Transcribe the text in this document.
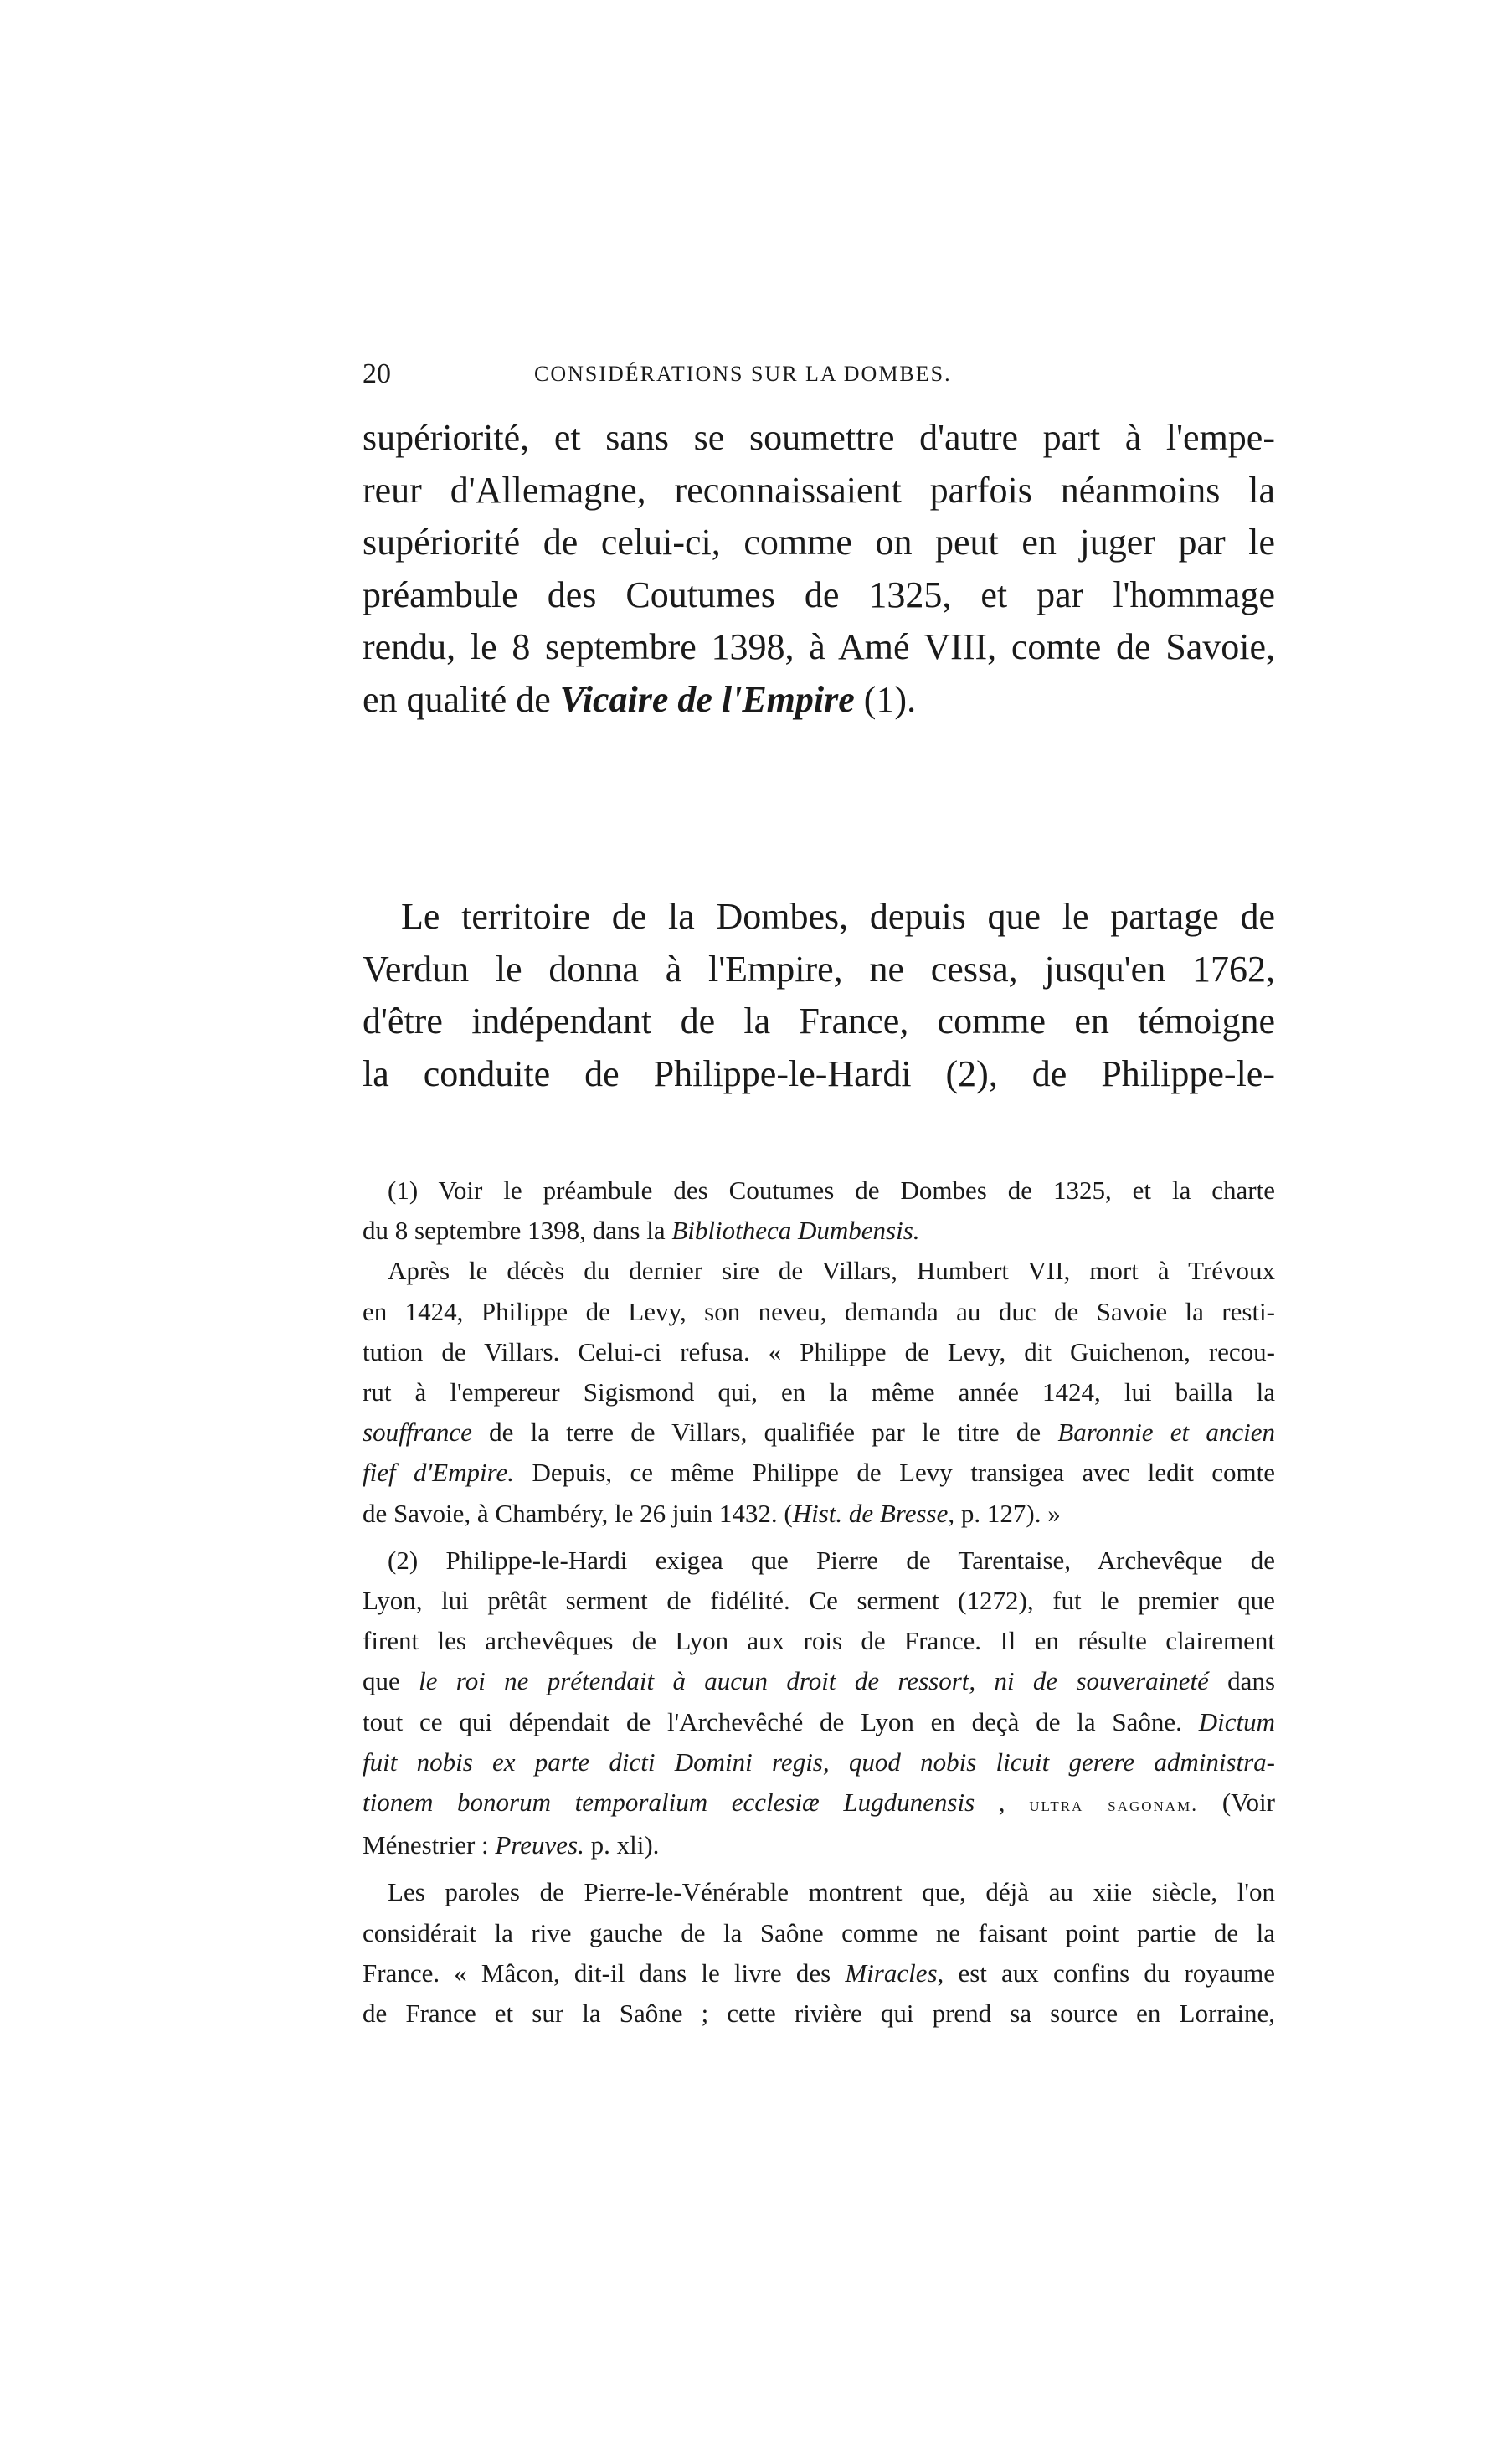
20	CONSIDÉRATIONS SUR LA DOMBES.
supériorité, et sans se soumettre d'autre part à l'empe-
reur d'Allemagne, reconnaissaient parfois néanmoins la
supériorité de celui-ci, comme on peut en juger par le
préambule des Coutumes de 1325, et par l'hommage
rendu, le 8 septembre 1398, à Amé VIII, comte de Savoie,
en qualité de Vicaire de l'Empire (1).
Le territoire de la Dombes, depuis que le partage de
Verdun le donna à l'Empire, ne cessa, jusqu'en 1762,
d'être indépendant de la France, comme en témoigne
la conduite de Philippe-le-Hardi (2), de Philippe-le-
(1) Voir le préambule des Coutumes de Dombes de 1325, et la charte
du 8 septembre 1398, dans la Bibliotheca Dumbensis.
Après le décès du dernier sire de Villars, Humbert VII, mort à Trévoux
en 1424, Philippe de Levy, son neveu, demanda au duc de Savoie la resti-
tution de Villars. Celui-ci refusa. « Philippe de Levy, dit Guichenon, recou-
rut à l'empereur Sigismond qui, en la même année 1424, lui bailla la
souffrance de la terre de Villars, qualifiée par le titre de Baronnie et ancien
fief d'Empire. Depuis, ce même Philippe de Levy transigea avec ledit comte
de Savoie, à Chambéry, le 26 juin 1432. (Hist. de Bresse, p. 127). »
(2) Philippe-le-Hardi exigea que Pierre de Tarentaise, Archevêque de
Lyon, lui prêtât serment de fidélité. Ce serment (1272), fut le premier que
firent les archevêques de Lyon aux rois de France. Il en résulte clairement
que le roi ne prétendait à aucun droit de ressort, ni de souveraineté dans
tout ce qui dépendait de l'Archevêché de Lyon en deçà de la Saône. Dictum
fuit nobis ex parte dicti Domini regis, quod nobis licuit gerere administra-
tionem bonorum temporalium ecclesiæ Lugdunensis , ultra sagonam. (Voir
Ménestrier : Preuves. p. xli).
Les paroles de Pierre-le-Vénérable montrent que, déjà au xiie siècle, l'on
considérait la rive gauche de la Saône comme ne faisant point partie de la
France. « Mâcon, dit-il dans le livre des Miracles, est aux confins du royaume
de France et sur la Saône ; cette rivière qui prend sa source en Lorraine,
